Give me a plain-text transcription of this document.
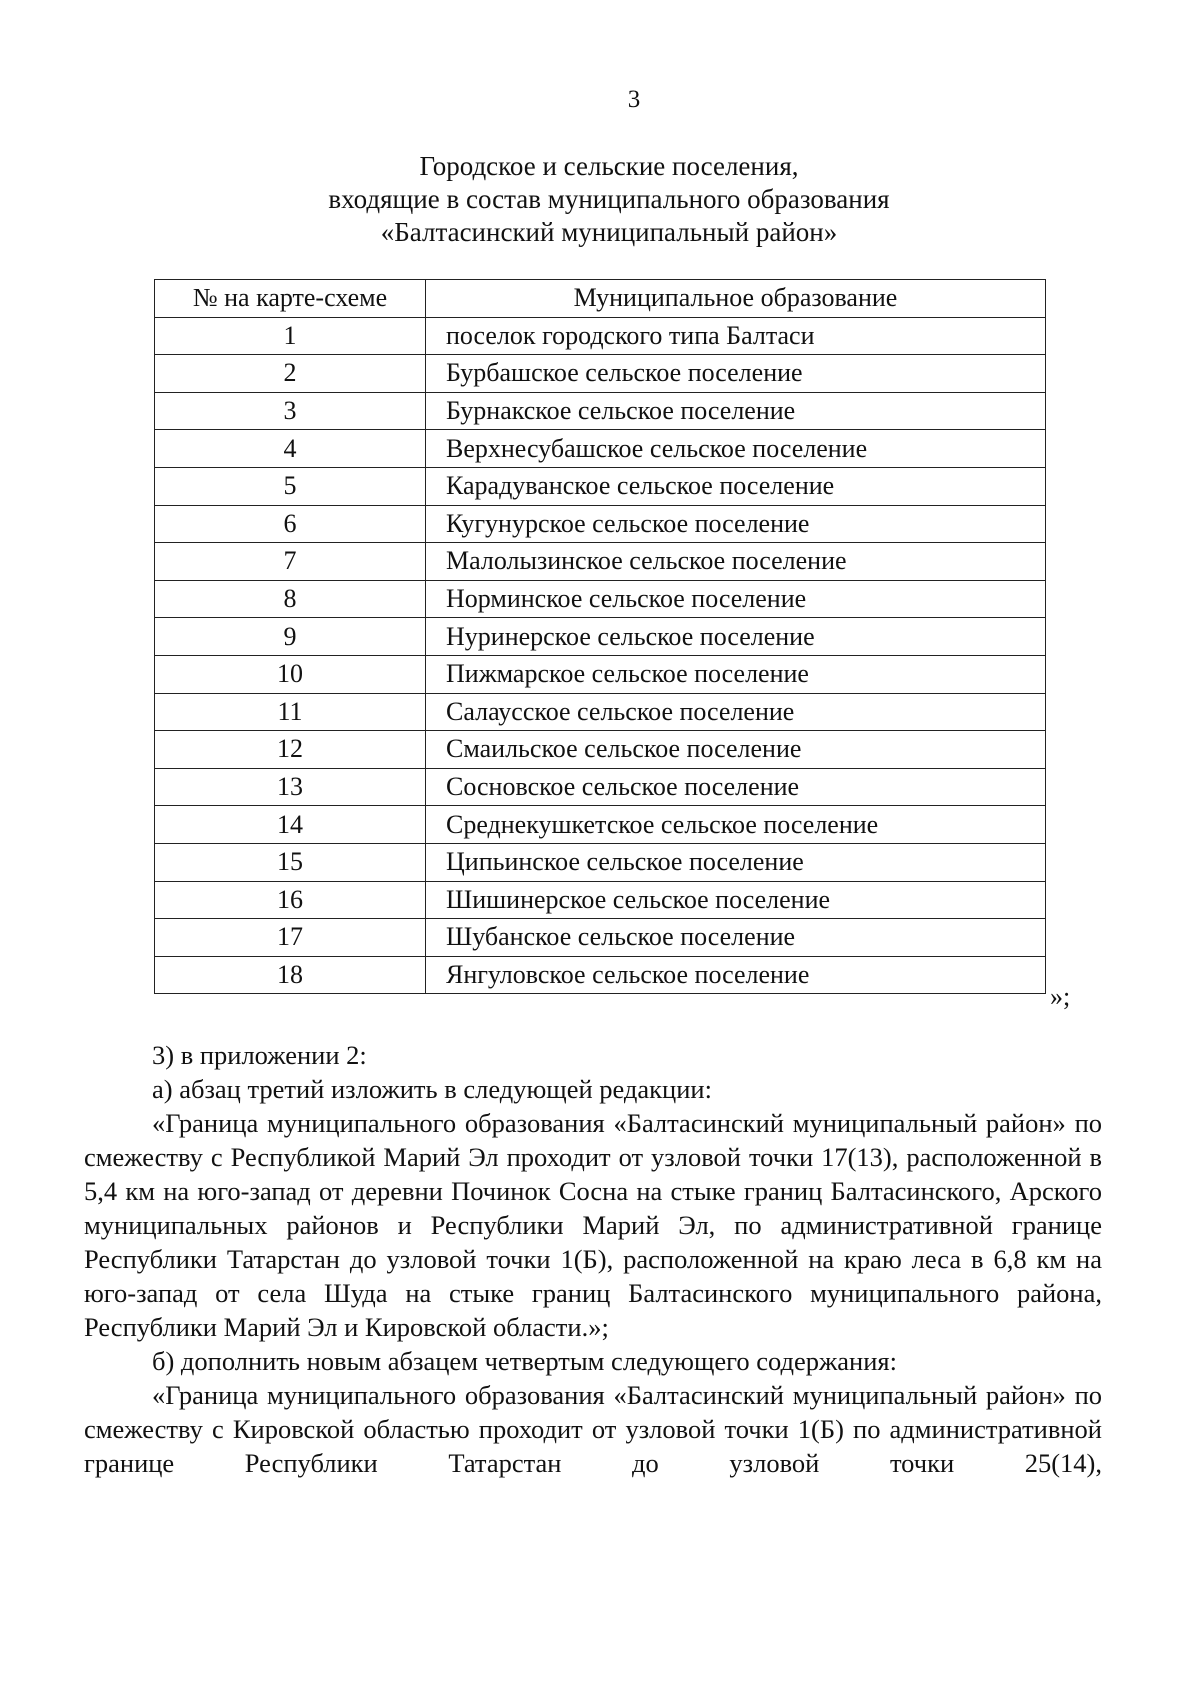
3
Городское и сельские поселения,
входящие в состав муниципального образования
«Балтасинский муниципальный район»
№ на карте-схеме	Муниципальное образование
1	поселок городского типа Балтаси
2	Бурбашское сельское поселение
3	Бурнакское сельское поселение
4	Верхнесубашское сельское поселение
5	Карадуванское сельское поселение
6	Кугунурское сельское поселение
7	Малолызинское сельское поселение
8	Норминское сельское поселение
9	Нуринерское сельское поселение
10	Пижмарское сельское поселение
11	Салаусское сельское поселение
12	Смаильское сельское поселение
13	Сосновское сельское поселение
14	Среднекушкетское сельское поселение
15	Ципьинское сельское поселение
16	Шишинерское сельское поселение
17	Шубанское сельское поселение
18	Янгуловское сельское поселение
»;

3) в приложении 2:

а) абзац третий изложить в следующей редакции:

«Граница муниципального образования «Балтасинский муниципальный район» по смежеству с Республикой Марий Эл проходит от узловой точки 17(13), расположенной в 5,4 км на юго-запад от деревни Починок Сосна на стыке границ Балтасинского, Арского муниципальных районов и Республики Марий Эл, по административной границе Республики Татарстан до узловой точки 1(Б), расположенной на краю леса в 6,8 км на юго-запад от села Шуда на стыке границ Балтасинского муниципального района, Республики Марий Эл и Кировской области.»;

б) дополнить новым абзацем четвертым следующего содержания:

«Граница муниципального образования «Балтасинский муниципальный район» по смежеству с Кировской областью проходит от узловой точки 1(Б) по административной границе Республики Татарстан до узловой точки 25(14),
